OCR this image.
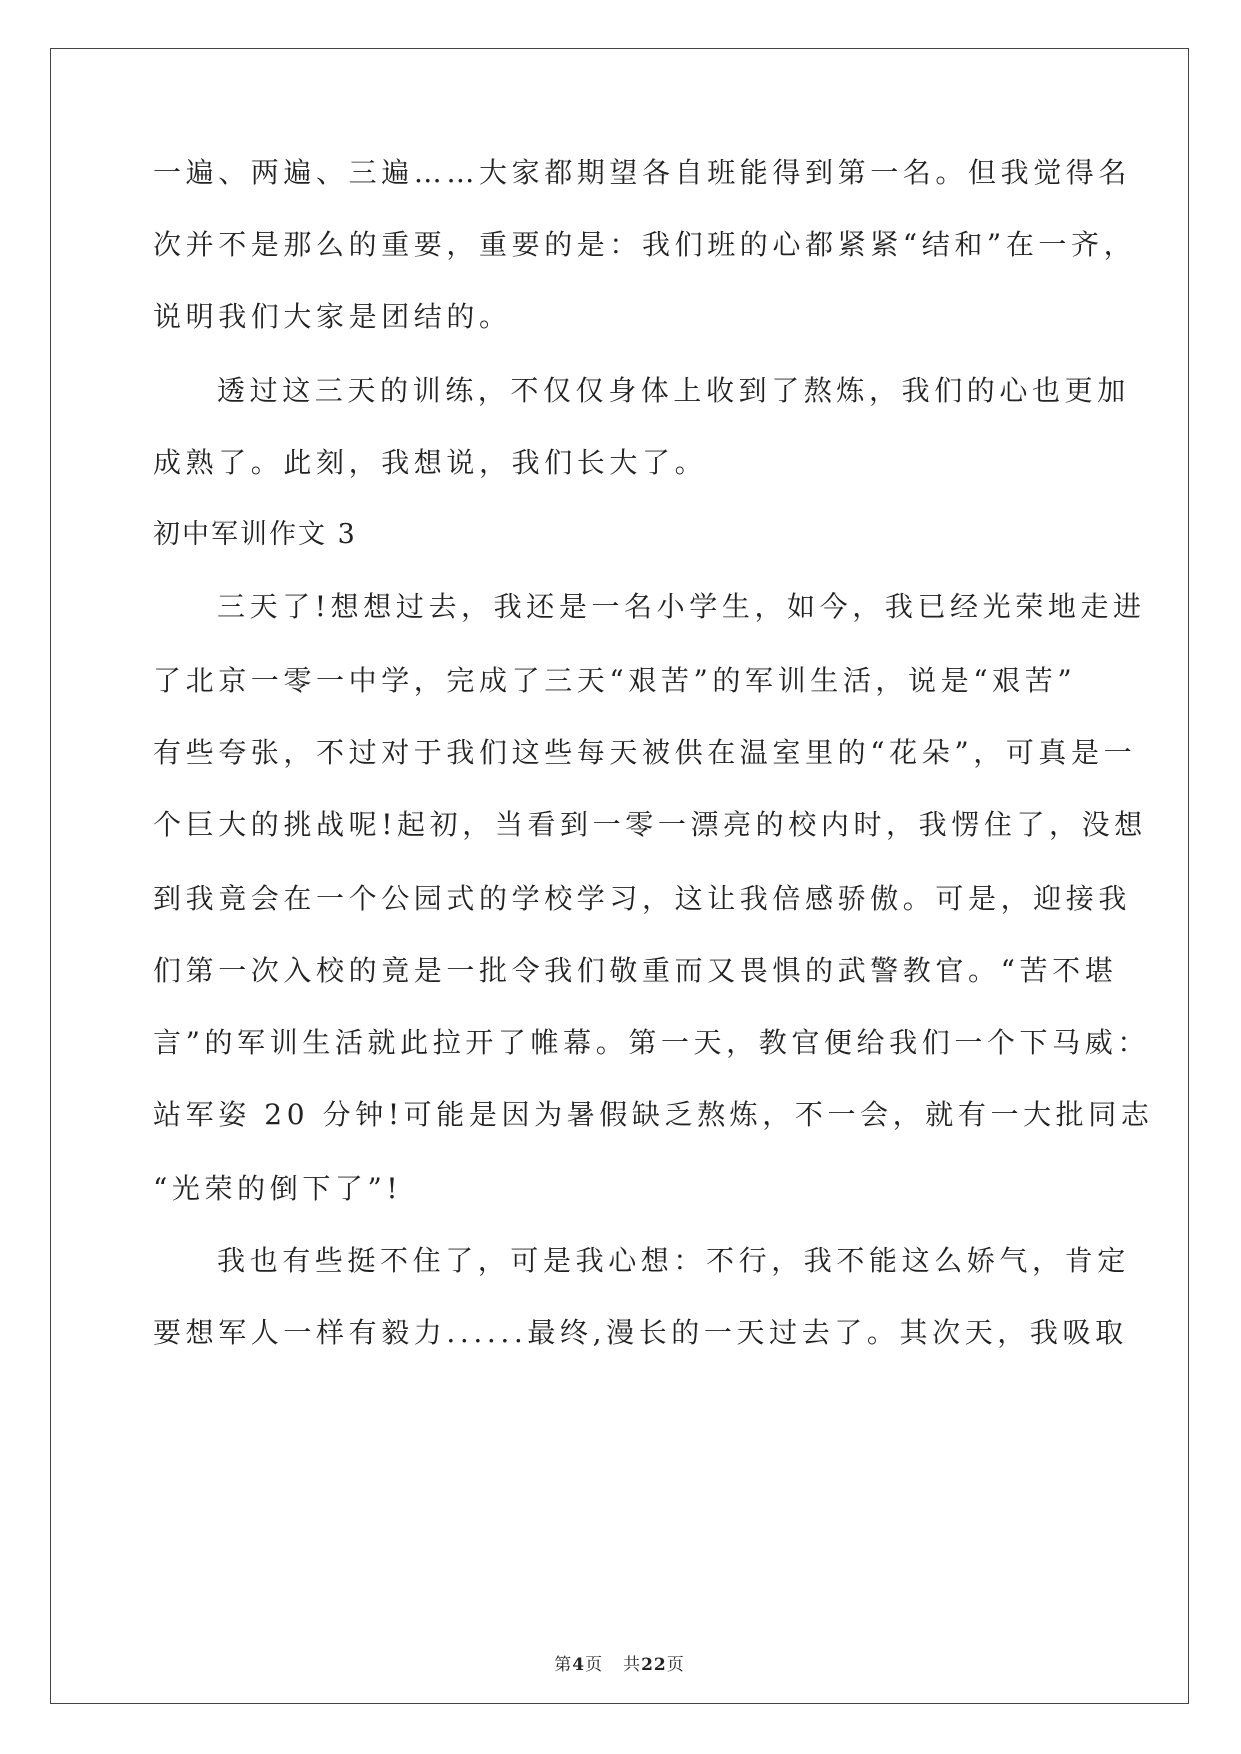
一遍、两遍、三遍……大家都期望各自班能得到第一名。但我觉得名
次并不是那么的重要，重要的是：我们班的心都紧紧“结和”在一齐，
说明我们大家是团结的。
透过这三天的训练，不仅仅身体上收到了熬炼，我们的心也更加
成熟了。此刻，我想说，我们长大了。
初中军训作文 3
三天了!想想过去，我还是一名小学生，如今，我已经光荣地走进
了北京一零一中学，完成了三天“艰苦”的军训生活，说是“艰苦”
有些夸张，不过对于我们这些每天被供在温室里的“花朵”，可真是一
个巨大的挑战呢!起初，当看到一零一漂亮的校内时，我愣住了，没想
到我竟会在一个公园式的学校学习，这让我倍感骄傲。可是，迎接我
们第一次入校的竟是一批令我们敬重而又畏惧的武警教官。“苦不堪
言”的军训生活就此拉开了帷幕。第一天，教官便给我们一个下马威：
站军姿 20 分钟!可能是因为暑假缺乏熬炼，不一会，就有一大批同志
“光荣的倒下了”!
我也有些挺不住了，可是我心想：不行，我不能这么娇气，肯定
要想军人一样有毅力......最终,漫长的一天过去了。其次天，我吸取
第4页 共22页
